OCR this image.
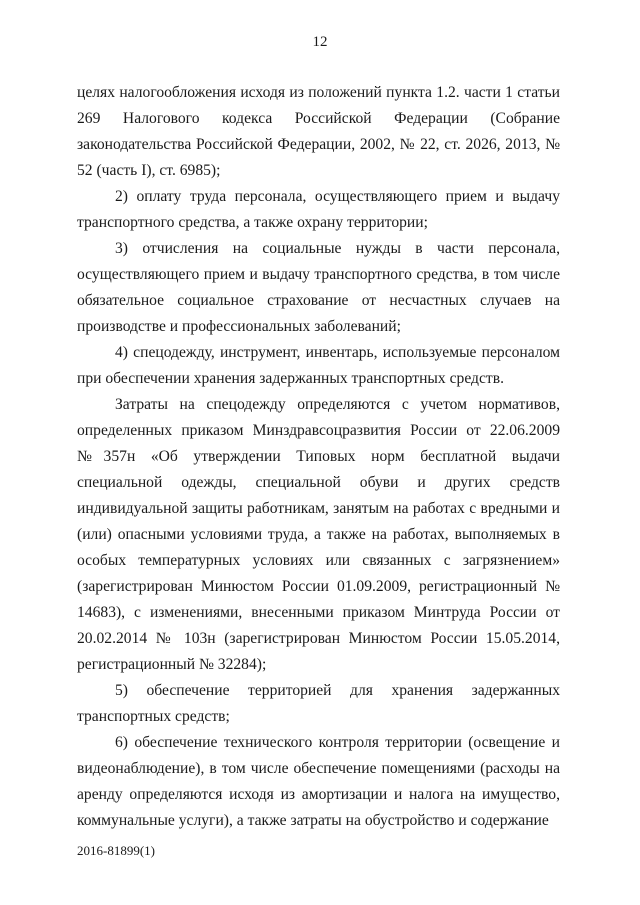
12

целях налогообложения исходя из положений пункта 1.2. части 1 статьи 269 Налогового кодекса Российской Федерации (Собрание законодательства Российской Федерации, 2002, № 22, ст. 2026, 2013, № 52 (часть I), ст. 6985);

2) оплату труда персонала, осуществляющего прием и выдачу транспортного средства, а также охрану территории;

3) отчисления на социальные нужды в части персонала, осуществляющего прием и выдачу транспортного средства, в том числе обязательное социальное страхование от несчастных случаев на производстве и профессиональных заболеваний;

4) спецодежду, инструмент, инвентарь, используемые персоналом при обеспечении хранения задержанных транспортных средств.

Затраты на спецодежду определяются с учетом нормативов, определенных приказом Минздравсоцразвития России от 22.06.2009 №357н «Об утверждении Типовых норм бесплатной выдачи специальной одежды, специальной обуви и других средств индивидуальной защиты работникам, занятым на работах с вредными и (или) опасными условиями труда, а также на работах, выполняемых в особых температурных условиях или связанных с загрязнением» (зарегистрирован Минюстом России 01.09.2009, регистрационный № 14683), с изменениями, внесенными приказом Минтруда России от 20.02.2014 № 103н (зарегистрирован Минюстом России 15.05.2014, регистрационный № 32284);

5) обеспечение территорией для хранения задержанных транспортных средств;

6) обеспечение технического контроля территории (освещение и видеонаблюдение), в том числе обеспечение помещениями (расходы на аренду определяются исходя из амортизации и налога на имущество, коммунальные услуги), а также затраты на обустройство и содержание

2016-81899(1)
